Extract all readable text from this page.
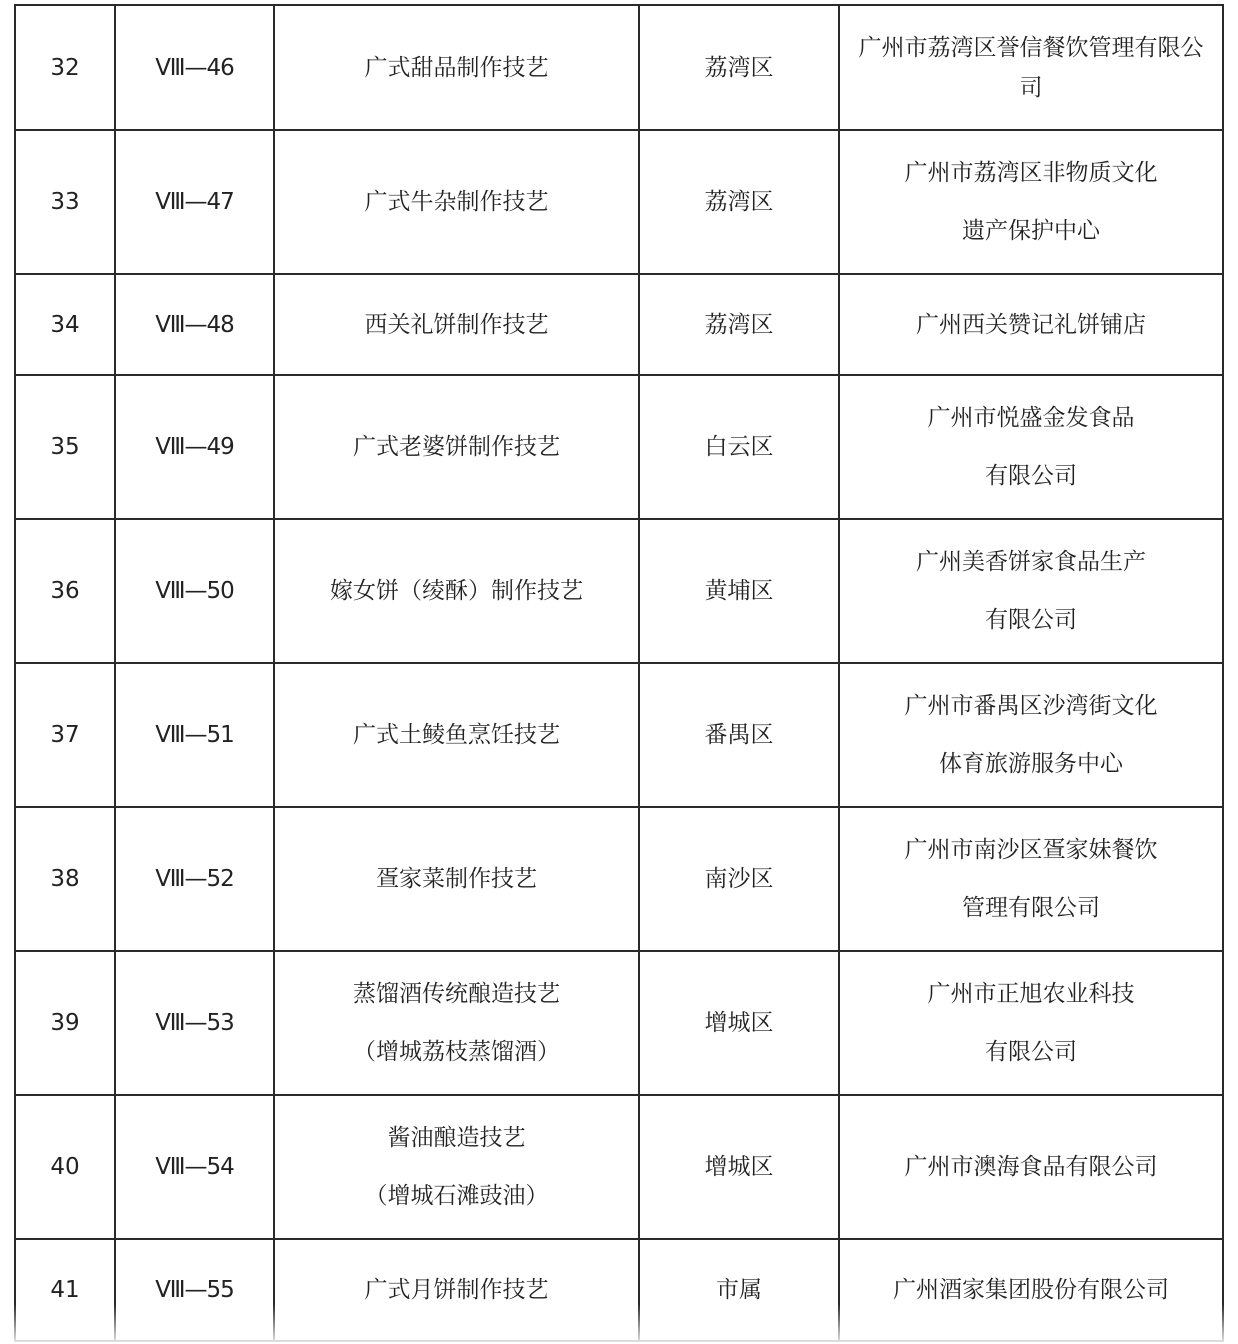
32	Ⅷ—46	广式甜品制作技艺	荔湾区	广州市荔湾区誉信餐饮管理有限公
司

33	Ⅷ—47	广式牛杂制作技艺	荔湾区	广州市荔湾区非物质文化
遗产保护中心

34	Ⅷ—48	西关礼饼制作技艺	荔湾区	广州西关赞记礼饼铺店

35	Ⅷ—49	广式老婆饼制作技艺	白云区	广州市悦盛金发食品
有限公司

36	Ⅷ—50	嫁女饼（绫酥）制作技艺	黄埔区	广州美香饼家食品生产
有限公司

37	Ⅷ—51	广式土鲮鱼烹饪技艺	番禺区	广州市番禺区沙湾街文化
体育旅游服务中心

38	Ⅷ—52	疍家菜制作技艺	南沙区	广州市南沙区疍家妹餐饮
管理有限公司

39	Ⅷ—53	蒸馏酒传统酿造技艺
（增城荔枝蒸馏酒）	增城区	广州市正旭农业科技
有限公司

40	Ⅷ—54	酱油酿造技艺
（增城石滩豉油）	增城区	广州市澳海食品有限公司

41	Ⅷ—55	广式月饼制作技艺	市属	广州酒家集团股份有限公司
